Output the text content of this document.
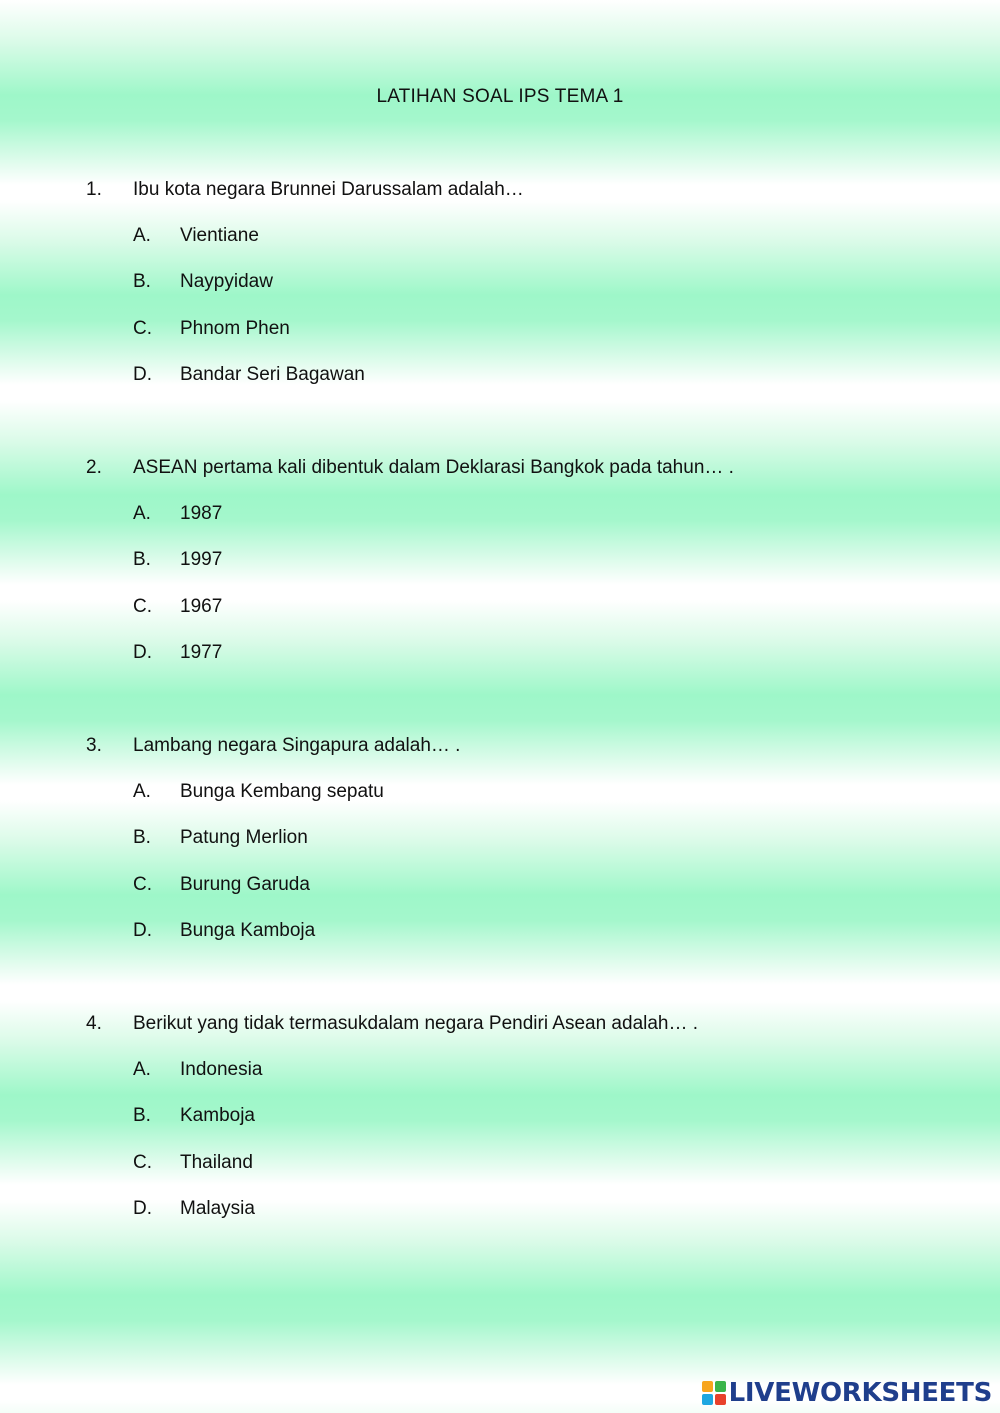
LATIHAN SOAL IPS TEMA 1
1.	Ibu kota negara Brunnei Darussalam adalah…
A.	Vientiane
B.	Naypyidaw
C.	Phnom Phen
D.	Bandar Seri Bagawan
2.	ASEAN pertama kali dibentuk dalam Deklarasi Bangkok pada tahun… .
A.	1987
B.	1997
C.	1967
D.	1977
3.	Lambang negara Singapura adalah… .
A.	Bunga Kembang sepatu
B.	Patung Merlion
C.	Burung Garuda
D.	Bunga Kamboja
4.	Berikut yang tidak termasukdalam negara Pendiri Asean adalah… .
A.	Indonesia
B.	Kamboja
C.	Thailand
D.	Malaysia
LIVEWORKSHEETS
